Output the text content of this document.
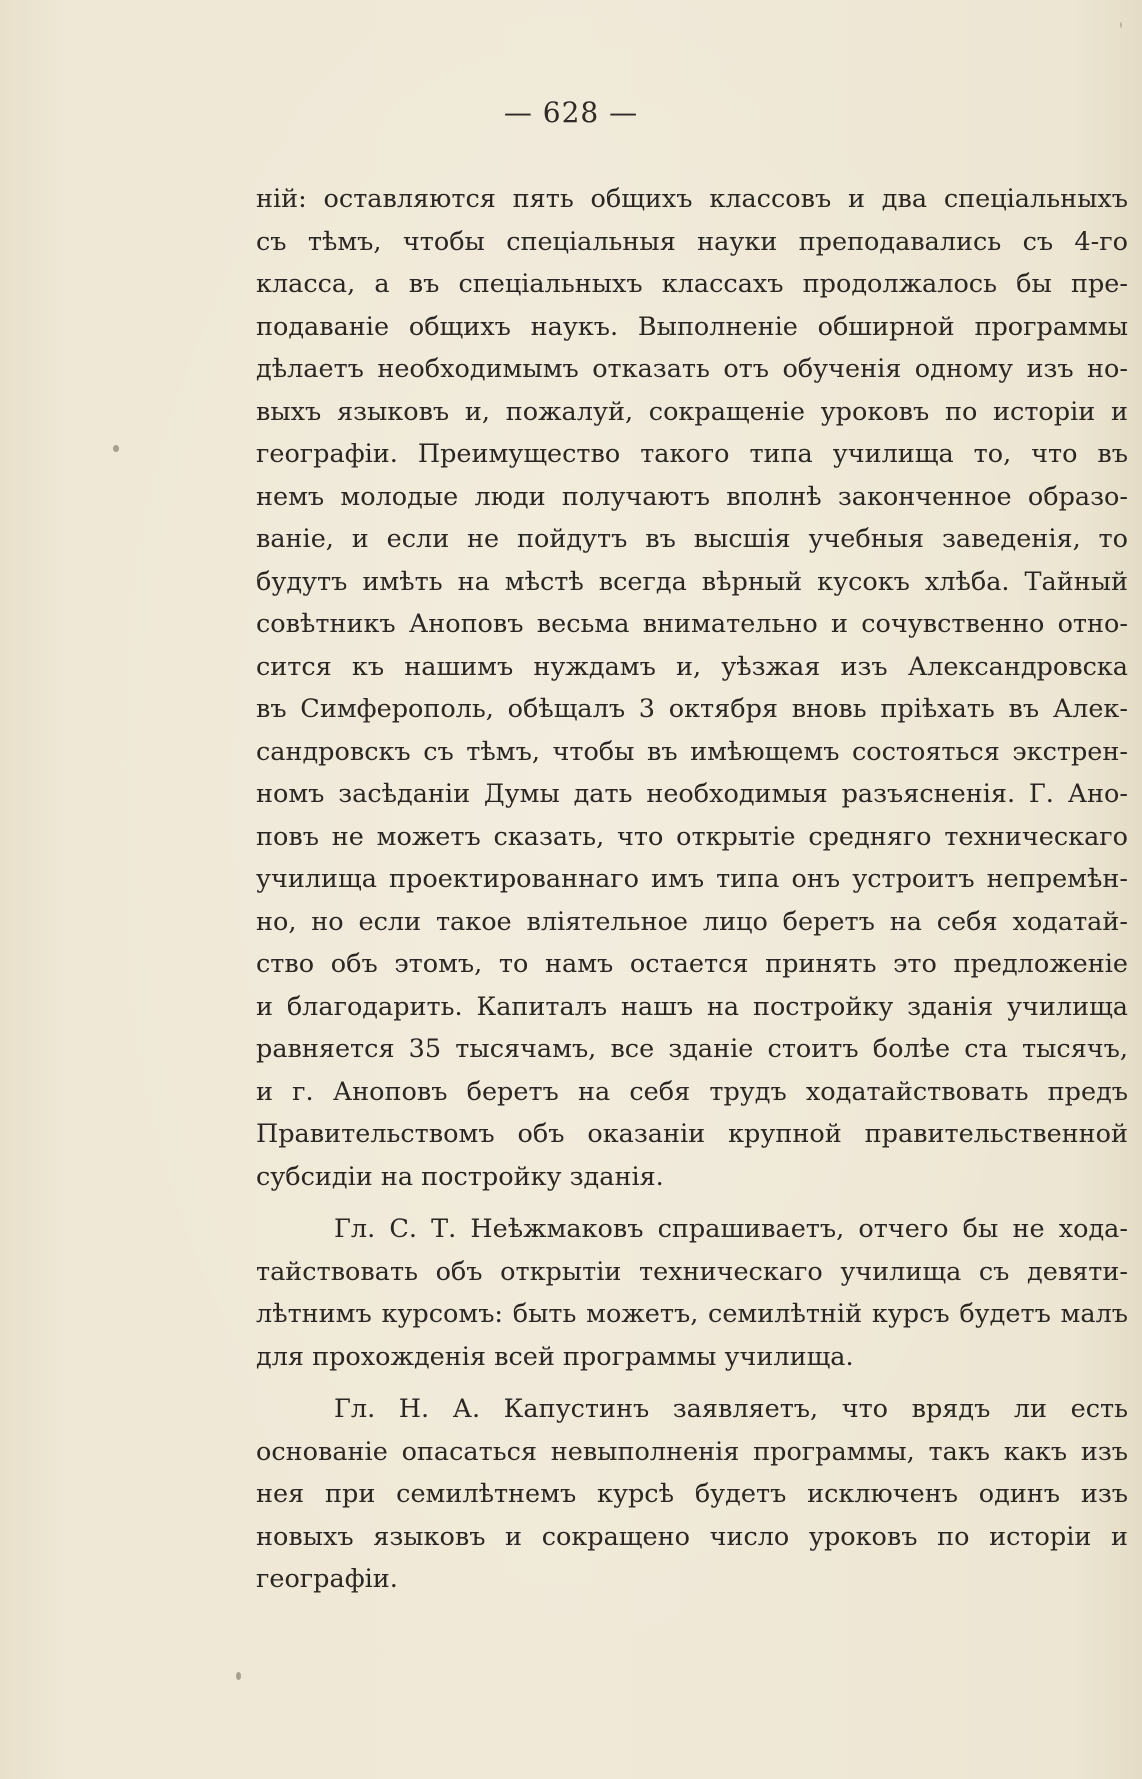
— 628 —
ній: оставляются пять общихъ классовъ и два спеціальныхъ
съ тѣмъ, чтобы спеціальныя науки преподавались съ 4-го
класса, а въ спеціальныхъ классахъ продолжалось бы пре-
подаваніе общихъ наукъ. Выполненіе обширной программы
дѣлаетъ необходимымъ отказать отъ обученія одному изъ но-
выхъ языковъ и, пожалуй, сокращеніе уроковъ по исторіи и
географіи. Преимущество такого типа училища то, что въ
немъ молодые люди получаютъ вполнѣ законченное образо-
ваніе, и если не пойдутъ въ высшія учебныя заведенія, то
будутъ имѣть на мѣстѣ всегда вѣрный кусокъ хлѣба. Тайный
совѣтникъ Аноповъ весьма внимательно и сочувственно отно-
сится къ нашимъ нуждамъ и, уѣзжая изъ Александровска
въ Симферополь, обѣщалъ 3 октября вновь пріѣхать въ Алек-
сандровскъ съ тѣмъ, чтобы въ имѣющемъ состояться экстрен-
номъ засѣданіи Думы дать необходимыя разъясненія. Г. Ано-
повъ не можетъ сказать, что открытіе средняго техническаго
училища проектированнаго имъ типа онъ устроитъ непремѣн-
но, но если такое вліятельное лицо беретъ на себя ходатай-
ство объ этомъ, то намъ остается принять это предложеніе
и благодарить. Капиталъ нашъ на постройку зданія училища
равняется 35 тысячамъ, все зданіе стоитъ болѣе ста тысячъ,
и г. Аноповъ беретъ на себя трудъ ходатайствовать предъ
Правительствомъ объ оказаніи крупной правительственной
субсидіи на постройку зданія.
Гл. С. Т. Неѣжмаковъ спрашиваетъ, отчего бы не хода-
тайствовать объ открытіи техническаго училища съ девяти-
лѣтнимъ курсомъ: быть можетъ, семилѣтній курсъ будетъ малъ
для прохожденія всей программы училища.
Гл. Н. А. Капустинъ заявляетъ, что врядъ ли есть
основаніе опасаться невыполненія программы, такъ какъ изъ
нея при семилѣтнемъ курсѣ будетъ исключенъ одинъ изъ
новыхъ языковъ и сокращено число уроковъ по исторіи и
географіи.
